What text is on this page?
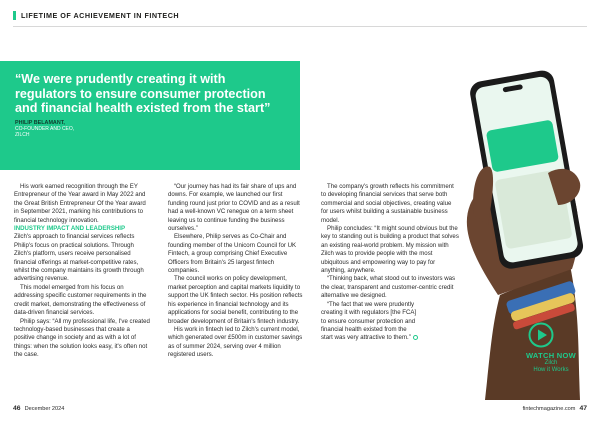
LIFETIME OF ACHIEVEMENT IN FINTECH
“We were prudently creating it with regulators to ensure consumer protection and financial health existed from the start”
PHILIP BELAMANT,
CO-FOUNDER AND CEO,
ZILCH

His work earned recognition through the EY Entrepreneur of the Year award in May 2022 and the Great British Entrepreneur Of the Year award in September 2021, marking his contributions to financial technology innovation.

INDUSTRY IMPACT AND LEADERSHIP

Zilch's approach to financial services reflects Philip's focus on practical solutions. Through Zilch's platform, users receive personalised financial offerings at market-competitive rates, whilst the company maintains its growth through advertising revenue.

This model emerged from his focus on addressing specific customer requirements in the credit market, demonstrating the effectiveness of data-driven financial services.

Philip says: “All my professional life, I've created technology-based businesses that create a positive change in society and as with a lot of things: when the solution looks easy, it's often not the case.

“Our journey has had its fair share of ups and downs. For example, we launched our first funding round just prior to COVID and as a result had a well-known VC renegue on a term sheet leaving us to continue funding the business ourselves.”

Elsewhere, Philip serves as Co-Chair and founding member of the Unicorn Council for UK Fintech, a group comprising Chief Executive Officers from Britain's 25 largest fintech companies.

The council works on policy development, market perception and capital markets liquidity to support the UK fintech sector. His position reflects his experience in financial technology and its applications for social benefit, contributing to the broader development of Britain's fintech industry.

His work in fintech led to Zilch's current model, which generated over £500m in customer savings as of summer 2024, serving over 4 million registered users.

The company's growth reflects his commitment to developing financial services that serve both commercial and social objectives, creating value for users whilst building a sustainable business model.

Philip concludes: “It might sound obvious but the key to standing out is building a product that solves an existing real-world problem. My mission with Zilch was to provide people with the most ubiquitous and empowering way to pay for anything, anywhere.

“Thinking back, what stood out to investors was the clear, transparent and customer-centric credit alternative we designed.

“The fact that we were prudently creating it with regulators [the FCA] to ensure consumer protection and financial health existed from the start was very attractive to them.”

WATCH NOW
Zilch
How it Works
46 December 2024	fintechmagazine.com 47
